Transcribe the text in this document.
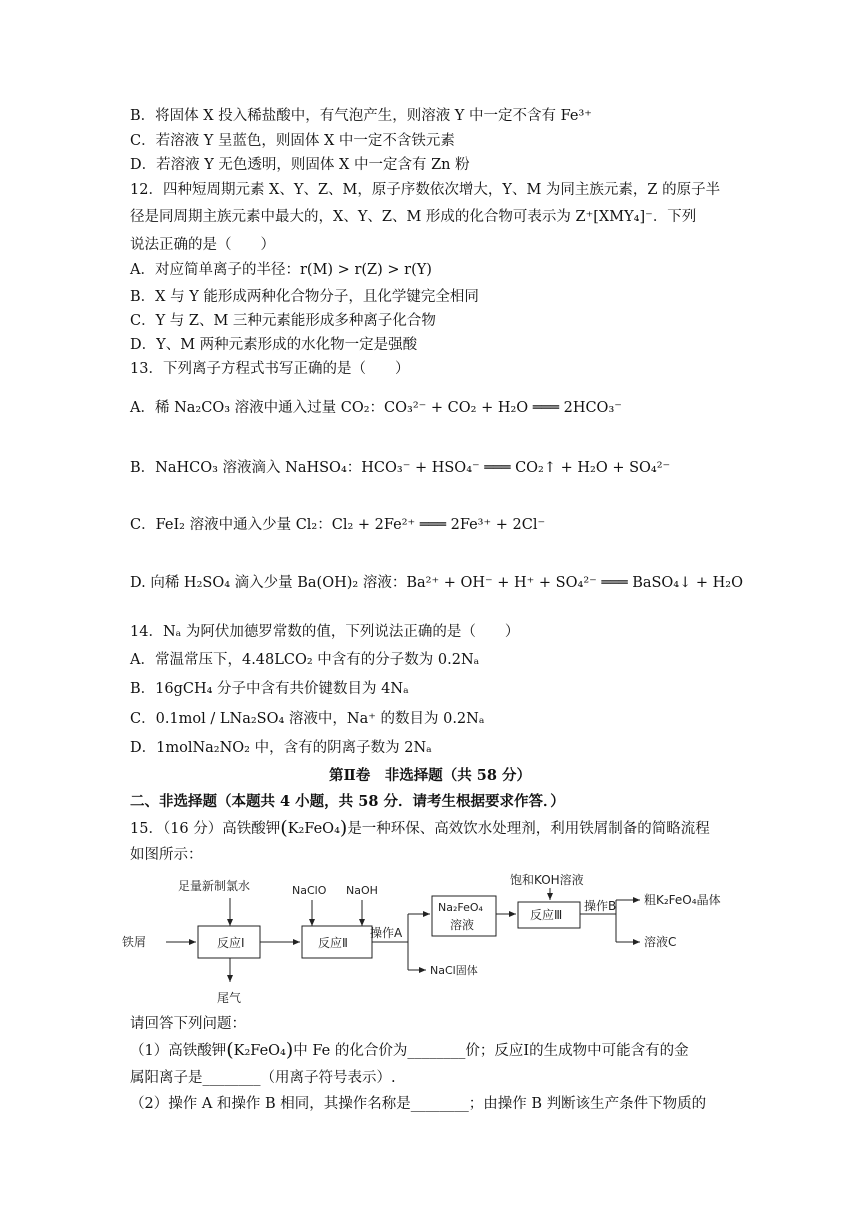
B．将固体 X 投入稀盐酸中，有气泡产生，则溶液 Y 中一定不含有 Fe³⁺
C．若溶液 Y 呈蓝色，则固体 X 中一定不含铁元素
D．若溶液 Y 无色透明，则固体 X 中一定含有 Zn 粉
12．四种短周期元素 X、Y、Z、M，原子序数依次增大，Y、M 为同主族元素，Z 的原子半
径是同周期主族元素中最大的，X、Y、Z、M 形成的化合物可表示为 Z⁺[XMY₄]⁻．下列
说法正确的是（　　）
A．对应简单离子的半径：r(M) > r(Z) > r(Y)
B．X 与 Y 能形成两种化合物分子，且化学键完全相同
C．Y 与 Z、M 三种元素能形成多种离子化合物
D．Y、M 两种元素形成的水化物一定是强酸
13．下列离子方程式书写正确的是（　　）
A．稀 Na₂CO₃ 溶液中通入过量 CO₂：CO₃²⁻ + CO₂ + H₂O ═══ 2HCO₃⁻
B．NaHCO₃ 溶液滴入 NaHSO₄：HCO₃⁻ + HSO₄⁻ ═══ CO₂↑ + H₂O + SO₄²⁻
C．FeI₂ 溶液中通入少量 Cl₂：Cl₂ + 2Fe²⁺ ═══ 2Fe³⁺ + 2Cl⁻
D. 向稀 H₂SO₄ 滴入少量 Ba(OH)₂ 溶液：Ba²⁺ + OH⁻ + H⁺ + SO₄²⁻ ═══ BaSO₄↓ + H₂O
14．Nₐ 为阿伏加德罗常数的值，下列说法正确的是（　　）
A．常温常压下，4.48LCO₂ 中含有的分子数为 0.2Nₐ
B．16gCH₄ 分子中含有共价键数目为 4Nₐ
C．0.1mol / LNa₂SO₄ 溶液中，Na⁺ 的数目为 0.2Nₐ
D．1molNa₂NO₂ 中，含有的阴离子数为 2Nₐ
第Ⅱ卷　非选择题（共 58 分）
二、非选择题（本题共 4 小题，共 58 分．请考生根据要求作答．）
15．（16 分）高铁酸钾(K₂FeO₄)是一种环保、高效饮水处理剂，利用铁屑制备的简略流程
如图所示：
铁屑
足量新制氯水
尾气
反应Ⅰ
NaClO NaOH
反应Ⅱ
操作A
Na₂FeO₄
溶液
NaCl固体
饱和KOH溶液
反应Ⅲ
操作B 粗K₂FeO₄晶体
溶液C
请回答下列问题：
（1）高铁酸钾(K₂FeO₄)中 Fe 的化合价为________价；反应Ⅰ的生成物中可能含有的金
属阳离子是________（用离子符号表示）.
（2）操作 A 和操作 B 相同，其操作名称是________；由操作 B 判断该生产条件下物质的
